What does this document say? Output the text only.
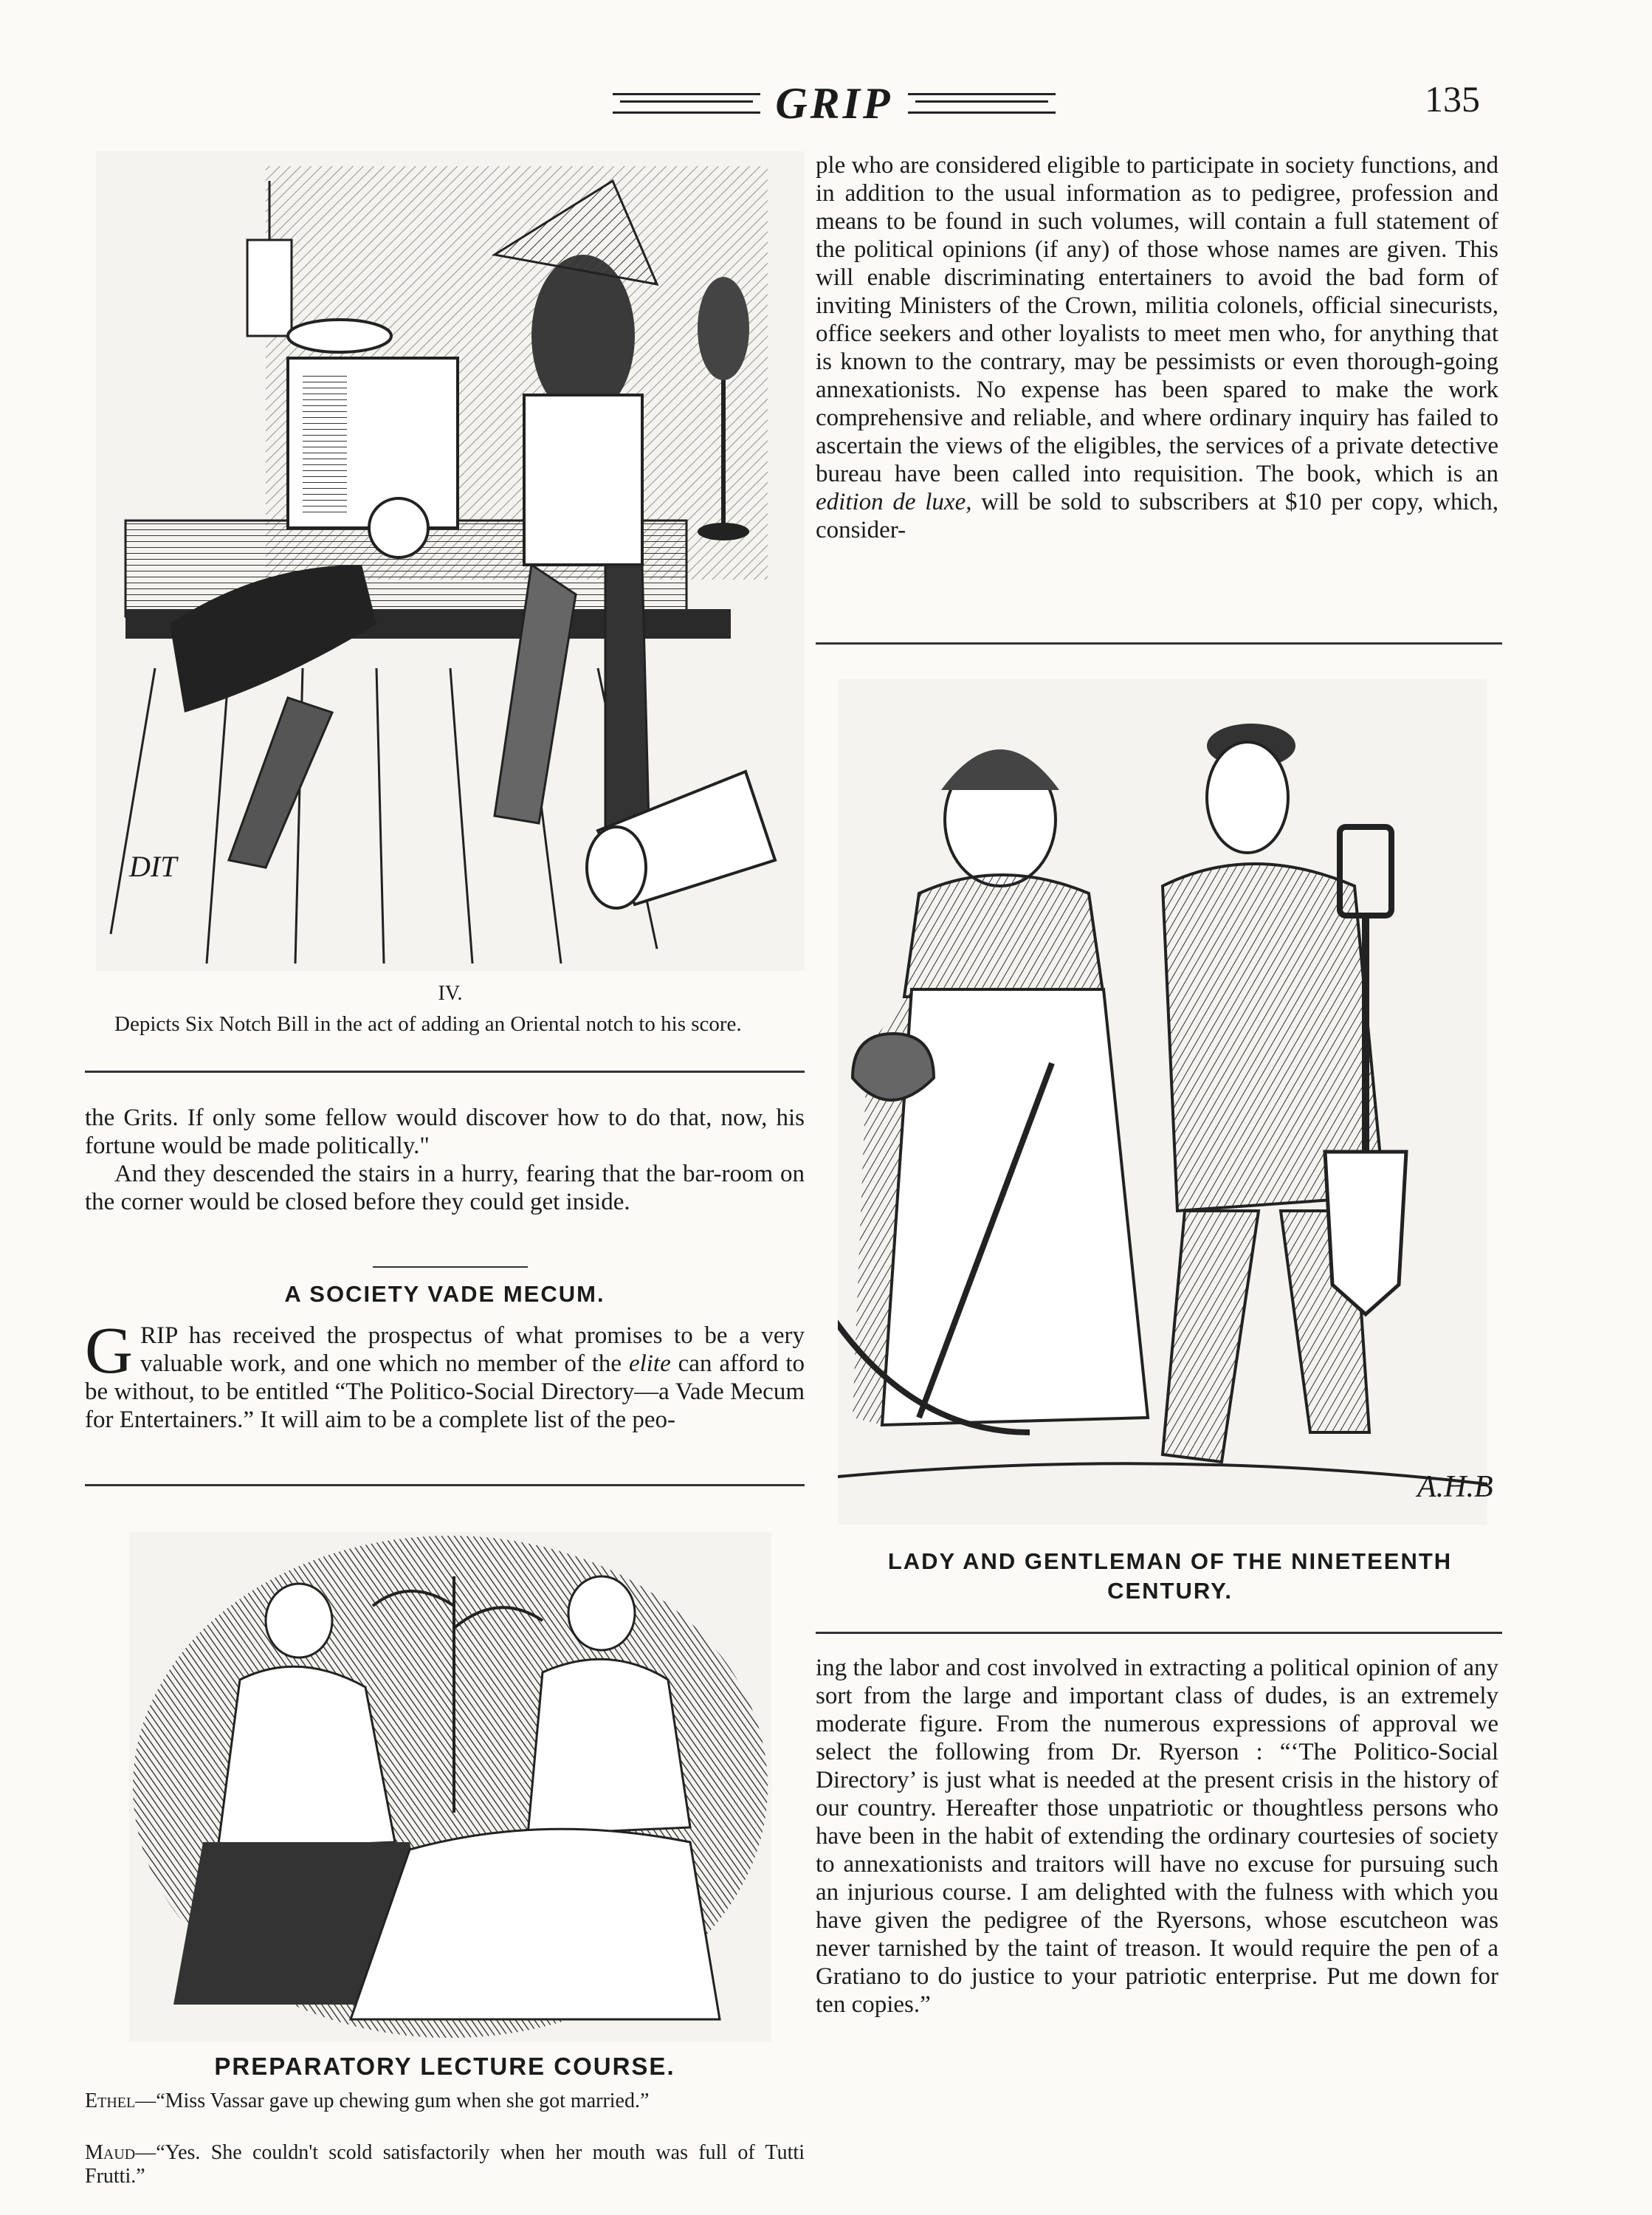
GRIP	135
DIT
IV.
Depicts Six Notch Bill in the act of adding an Oriental notch to his score.

the Grits. If only some fellow would discover how to do that, now, his fortune would be made politically."

And they descended the stairs in a hurry, fearing that the bar-room on the corner would be closed before they could get inside.

A SOCIETY VADE MECUM.
GRIP has received the prospectus of what promises to be a very valuable work, and one which no member of the elite can afford to be without, to be entitled “The Politico-Social Directory—a Vade Mecum for Entertainers.” It will aim to be a complete list of the peo-
ple who are considered eligible to participate in society functions, and in addition to the usual information as to pedigree, profession and means to be found in such volumes, will contain a full statement of the political opinions (if any) of those whose names are given. This will enable discriminating entertainers to avoid the bad form of inviting Ministers of the Crown, militia colonels, official sinecurists, office seekers and other loyalists to meet men who, for anything that is known to the contrary, may be pessimists or even thorough-going annexationists. No expense has been spared to make the work comprehensive and reliable, and where ordinary inquiry has failed to ascertain the views of the eligibles, the services of a private detective bureau have been called into requisition. The book, which is an edition de luxe, will be sold to subscribers at $10 per copy, which, consider-
A.H.B
LADY AND GENTLEMAN OF THE NINETEENTH CENTURY.
ing the labor and cost involved in extracting a political opinion of any sort from the large and important class of dudes, is an extremely moderate figure. From the numerous expressions of approval we select the following from Dr. Ryerson : “‘The Politico-Social Directory’ is just what is needed at the present crisis in the history of our country. Hereafter those unpatriotic or thoughtless persons who have been in the habit of extending the ordinary courtesies of society to annexationists and traitors will have no excuse for pursuing such an injurious course. I am delighted with the fulness with which you have given the pedigree of the Ryersons, whose escutcheon was never tarnished by the taint of treason. It would require the pen of a Gratiano to do justice to your patriotic enterprise. Put me down for ten copies.”
PREPARATORY LECTURE COURSE.
Ethel—“Miss Vassar gave up chewing gum when she got married.”
Maud—“Yes. She couldn't scold satisfactorily when her mouth was full of Tutti Frutti.”
